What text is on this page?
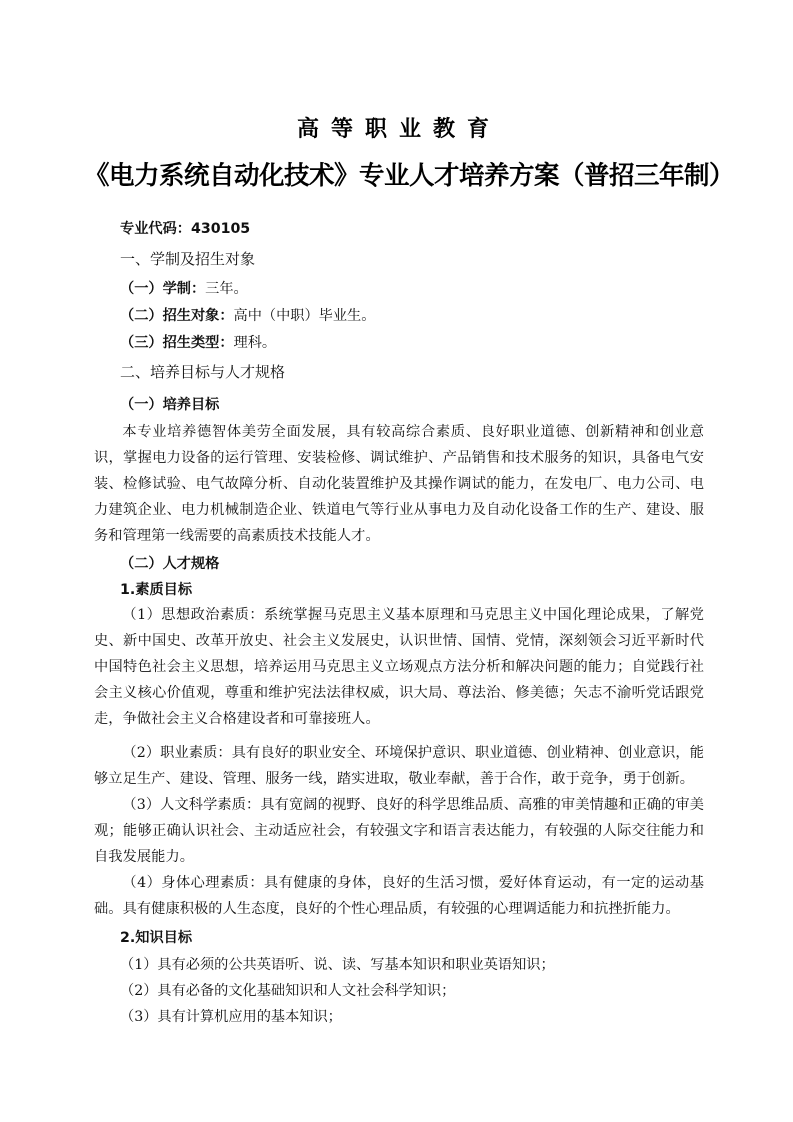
高等职业教育
《电力系统自动化技术》专业人才培养方案（普招三年制）
专业代码：430105
一、学制及招生对象
（一）学制：三年。
（二）招生对象：高中（中职）毕业生。
（三）招生类型：理科。
二、培养目标与人才规格
（一）培养目标
本专业培养德智体美劳全面发展，具有较高综合素质、良好职业道德、创新精神和创业意识，掌握电力设备的运行管理、安装检修、调试维护、产品销售和技术服务的知识，具备电气安装、检修试验、电气故障分析、自动化装置维护及其操作调试的能力，在发电厂、电力公司、电力建筑企业、电力机械制造企业、铁道电气等行业从事电力及自动化设备工作的生产、建设、服务和管理第一线需要的高素质技术技能人才。
（二）人才规格
1.素质目标
（1）思想政治素质：系统掌握马克思主义基本原理和马克思主义中国化理论成果，了解党史、新中国史、改革开放史、社会主义发展史，认识世情、国情、党情，深刻领会习近平新时代中国特色社会主义思想，培养运用马克思主义立场观点方法分析和解决问题的能力；自觉践行社会主义核心价值观，尊重和维护宪法法律权威，识大局、尊法治、修美德；矢志不渝听党话跟党走，争做社会主义合格建设者和可靠接班人。
（2）职业素质：具有良好的职业安全、环境保护意识、职业道德、创业精神、创业意识，能够立足生产、建设、管理、服务一线，踏实进取，敬业奉献，善于合作，敢于竞争，勇于创新。
（3）人文科学素质：具有宽阔的视野、良好的科学思维品质、高雅的审美情趣和正确的审美观；能够正确认识社会、主动适应社会，有较强文字和语言表达能力，有较强的人际交往能力和自我发展能力。
（4）身体心理素质：具有健康的身体，良好的生活习惯，爱好体育运动，有一定的运动基础。具有健康积极的人生态度，良好的个性心理品质，有较强的心理调适能力和抗挫折能力。
2.知识目标
（1）具有必须的公共英语听、说、读、写基本知识和职业英语知识；
（2）具有必备的文化基础知识和人文社会科学知识；
（3）具有计算机应用的基本知识；
